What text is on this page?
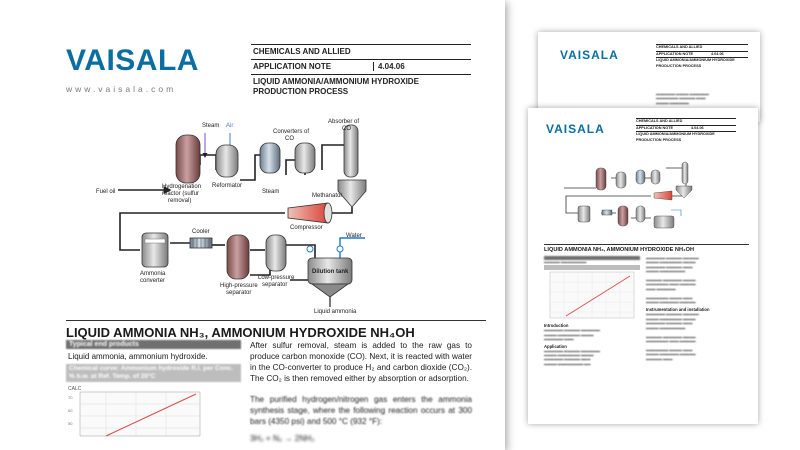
VAISALA
www.vaisala.com
CHEMICALS AND ALLIED
APPLICATION NOTE	4.04.06
LIQUID AMMONIA/AMMONIUM HYDROXIDE
PRODUCTION PROCESS
Steam Air
Converters of
CO
Absorber of
CO
Fuel oil
Hydrogenation
reactor (sulfur
removal)
Reformator
Steam
Methanator
Compressor
Cooler
Water
Ammonia
converter
High-pressure
separator
Low-pressure
separator
Dilution tank
Liquid ammonia
LIQUID AMMONIA NH₃, AMMONIUM HYDROXIDE NH₄OH
Typical end products
Liquid ammonia, ammonium hydroxide.
Chemical curve: Ammonium hydroxide R.I. per Conc. % b.w. at Ref. Temp. of 20°C
CALC
70
60
50
After sulfur removal, steam is added to the raw gas to produce carbon monoxide (CO). Next, it is reacted with water in the CO-converter to produce H₂ and carbon dioxide (CO₂). The CO₂ is then removed either by absorption or adsorption.
The purified hydrogen/nitrogen gas enters the ammonia synthesis stage, where the following reaction occurs at 300 bars (4350 psi) and 500 °C (932 °F):
3H₂ + N₂ → 2NH₃
VAISALA
CHEMICALS AND ALLIED
APPLICATION NOTE	4.04.06
LIQUID AMMONIA/AMMONIUM HYDROXIDE
PRODUCTION PROCESS
▬▬▬▬▬▬ ▬▬▬▬ ▬▬▬▬▬▬
▬▬▬▬▬▬▬ ▬▬▬▬▬ ▬▬▬
▬▬▬▬ ▬▬▬▬▬▬
VAISALA
CHEMICALS AND ALLIED
APPLICATION NOTE	4.04.06
LIQUID AMMONIA/AMMONIUM HYDROXIDE
PRODUCTION PROCESS
LIQUID AMMONIA NH₃, AMMONIUM HYDROXIDE NH₄OH
▬▬▬▬▬ ▬▬▬▬▬▬▬▬
Introduction
▬▬▬▬▬▬ ▬▬▬▬▬ ▬▬▬▬▬▬
▬▬▬▬ ▬▬▬▬▬▬▬ ▬▬▬▬
▬▬▬▬▬▬ ▬▬▬
Application
▬▬▬▬▬▬ ▬▬▬▬▬ ▬▬▬▬▬▬
▬▬▬▬ ▬▬▬▬▬▬▬ ▬▬▬▬
▬▬▬▬▬▬ ▬▬▬▬▬ ▬▬▬
▬▬▬▬ ▬▬▬▬▬▬▬▬ ▬▬
▬▬▬▬▬▬ ▬▬▬▬▬ ▬▬▬▬▬
▬▬▬▬ ▬▬▬▬▬▬▬ ▬▬▬▬
▬▬▬▬▬▬ ▬▬▬▬▬ ▬▬▬
▬▬▬▬ ▬▬▬▬▬▬▬▬

▬▬▬▬▬ ▬▬▬▬▬▬ ▬▬▬▬
▬▬▬▬▬▬▬ ▬▬▬ ▬▬▬▬▬
▬▬▬ ▬▬▬▬▬▬

▬▬▬▬▬▬▬ ▬▬▬▬ ▬▬▬
▬▬▬▬ ▬▬▬▬▬▬ ▬▬▬▬▬
Instrumentation and installation
▬▬▬▬▬▬ ▬▬▬▬▬ ▬▬▬▬▬
▬▬▬▬ ▬▬▬▬▬▬▬ ▬▬▬▬
▬▬▬▬▬▬ ▬▬▬▬▬ ▬▬▬
▬▬▬▬ ▬▬▬▬▬▬▬▬

▬▬▬▬▬ ▬▬▬▬▬▬ ▬▬▬▬
▬▬▬▬▬▬▬ ▬▬▬ ▬▬▬▬▬

▬▬▬▬▬▬▬ ▬▬▬▬ ▬▬▬
▬▬▬▬ ▬▬▬▬▬▬ ▬▬▬▬▬
▬▬▬▬▬ ▬▬▬
